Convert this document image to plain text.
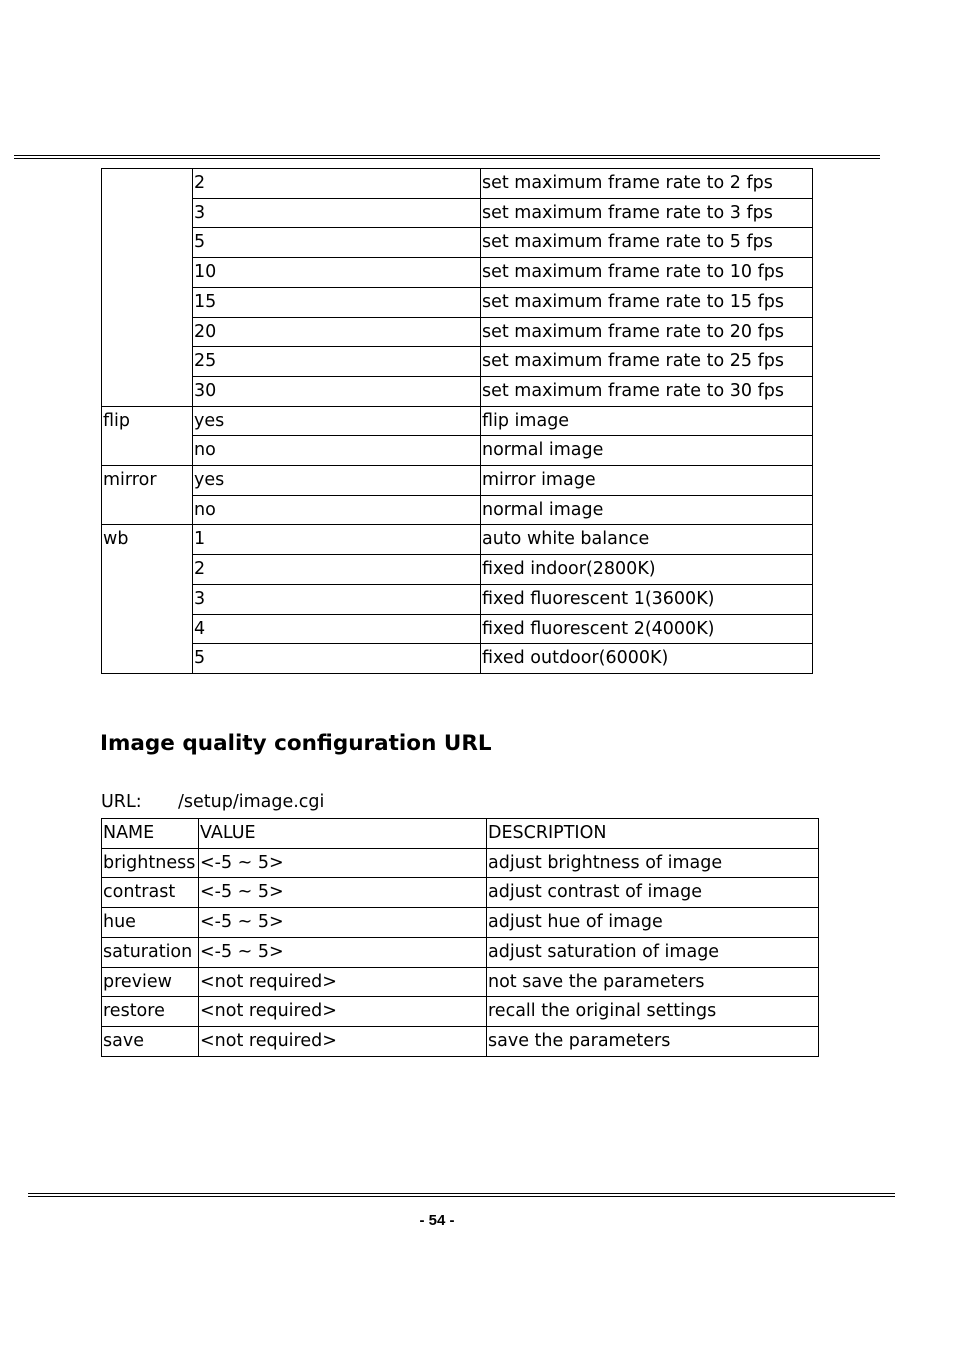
	2	set maximum frame rate to 2 fps
	3	set maximum frame rate to 3 fps
	5	set maximum frame rate to 5 fps
	10	set maximum frame rate to 10 fps
	15	set maximum frame rate to 15 fps
	20	set maximum frame rate to 20 fps
	25	set maximum frame rate to 25 fps
	30	set maximum frame rate to 30 fps
flip	yes	flip image
	no	normal image
mirror	yes	mirror image
	no	normal image
wb	1	auto white balance
	2	fixed indoor(2800K)
	3	fixed fluorescent 1(3600K)
	4	fixed fluorescent 2(4000K)
	5	fixed outdoor(6000K)
Image quality configuration URL
URL: /setup/image.cgi
NAME	VALUE	DESCRIPTION
brightness	<-5 ~ 5>	adjust brightness of image
contrast	<-5 ~ 5>	adjust contrast of image
hue	<-5 ~ 5>	adjust hue of image
saturation	<-5 ~ 5>	adjust saturation of image
preview	<not required>	not save the parameters
restore	<not required>	recall the original settings
save	<not required>	save the parameters
- 54 -
